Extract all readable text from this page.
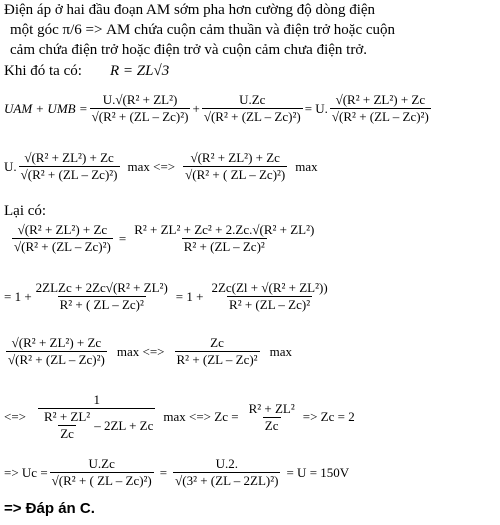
Điện áp ở hai đầu đoạn AM sớm pha hơn cường độ dòng điện
một góc π/6 => AM chứa cuộn cảm thuần và điện trở hoặc cuộn
cảm chứa điện trở hoặc điện trở và cuộn cảm chưa điện trở.
Khi đó ta có: R = ZL√3
UAM + UMB = $\frac{\text{U.√(R² + ZL²)}}{\text{√(R² + (ZL – Zc)²)}} + \frac{U.Zc}{\text{√(R² + (ZL – Zc)²)}} = U$. $\frac{\text{√(R² + ZL²) + Zc}}{\text{√(R² + (ZL – Zc)²)}}$
U. $\frac{\text{√(R² + ZL²) + Zc}}{\text{√(R² + (ZL – Zc)²)}}$ max <=> $\frac{\text{√(R² + ZL²) + Zc}}{\text{√(R² + ( ZL – Zc)²)}}$ max
Lại có:
$\frac{\text{√(R² + ZL²) + Zc}}{\text{√(R² + (ZL – Zc)²)}} = \frac{\text{R² + ZL² + Zc² + 2.Zc.√(R² + ZL²)}}{\text{R² + (ZL – Zc)²}}$
= $1 + \frac{\text{2ZLZc + 2Zc√(R² + ZL²)}}{\text{R² + ( ZL – Zc)²}} = 1 + \frac{\text{2Zc(Zl + √(R² + ZL²))}}{\text{R² + (ZL – Zc)²}}$
$\frac{\text{√(R² + ZL²) + Zc}}{\text{√(R² + (ZL – Zc)²)}}$ max <=> $\frac{Zc}{\text{R² + (ZL – Zc)²}}$ max
<=> $\frac{1}{\frac{\text{R² + ZL²}}{Zc} - 2ZL + Zc}$ max <=> $Zc = \frac{\text{R² + ZL²}}{Zc} => Zc = 2$
=> $Uc = \frac{U.Zc}{\text{√(R² + ( ZL – Zc)²)}} = \frac{U.2.}{\text{√(3² + (ZL – 2ZL)²)}} = U = 150V$
=> Đáp án C.
